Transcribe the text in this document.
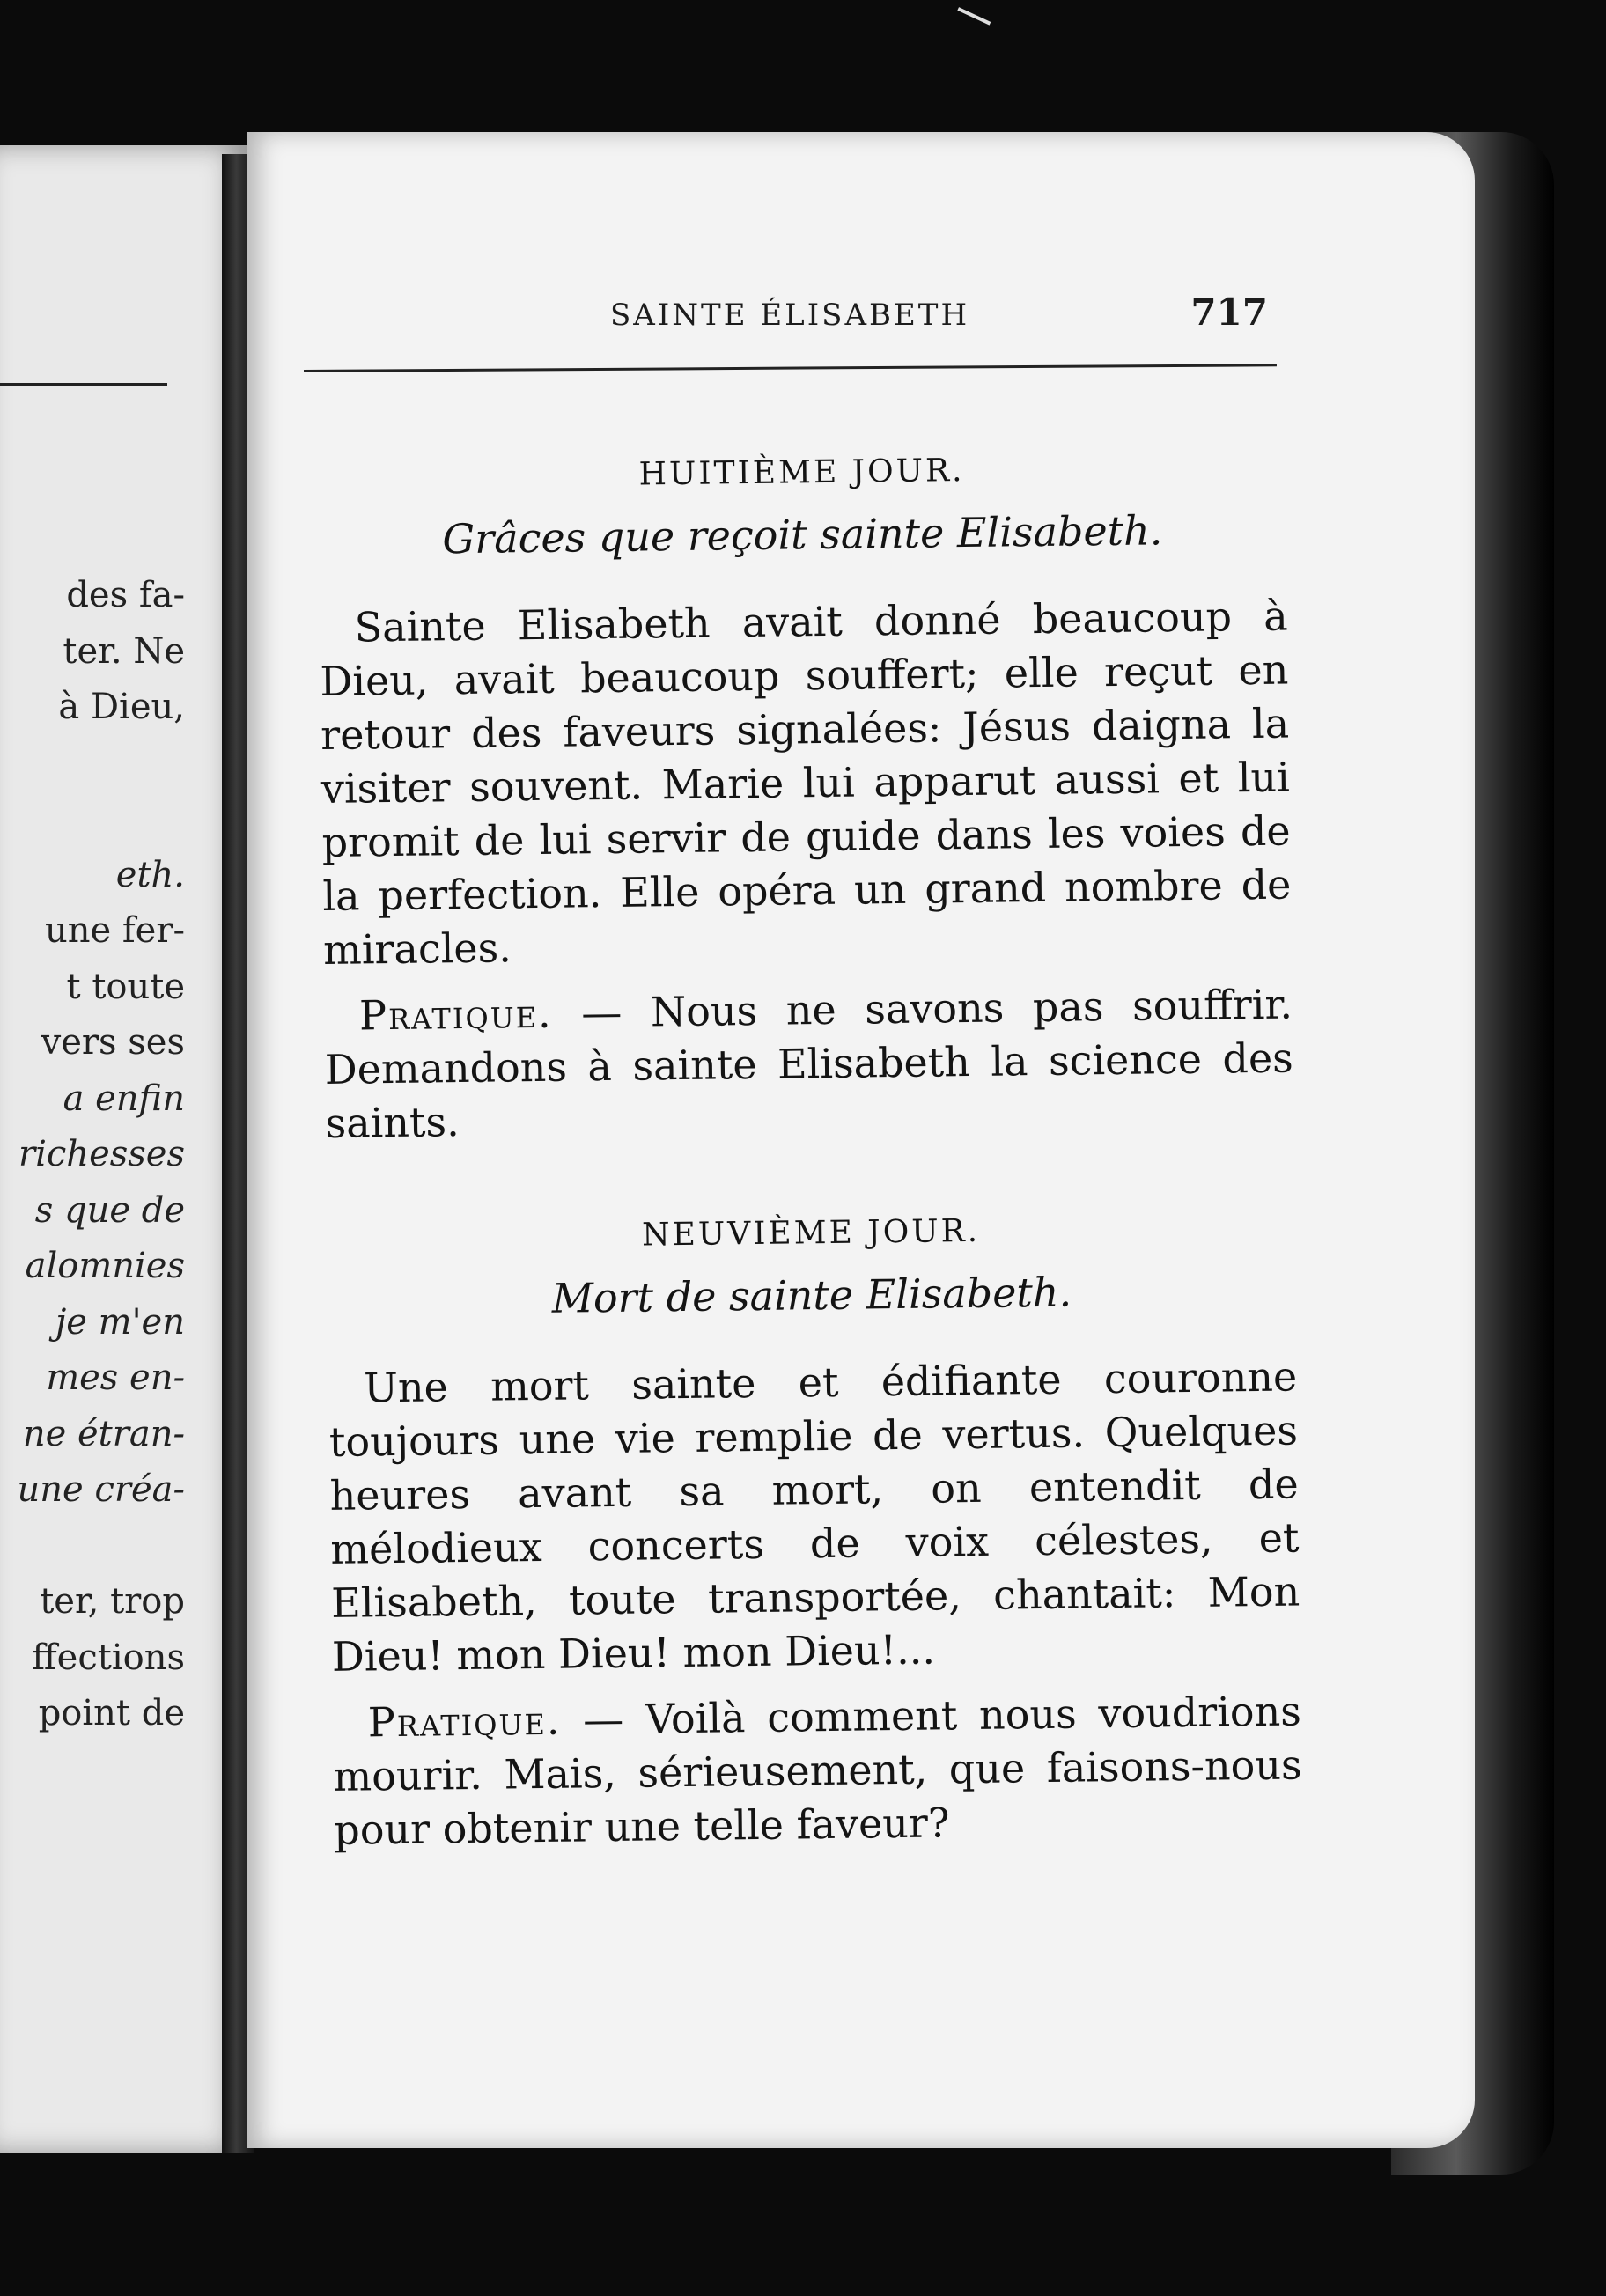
des fa-
ter. Ne
à Dieu,

eth.
une fer-
t toute
vers ses
a enfin
richesses
s que de
alomnies
je m'en
mes en-
ne étran-
une créa-

ter, trop
ffections
point de
SAINTE ÉLISABETH	717
HUITIÈME JOUR.
Grâces que reçoit sainte Elisabeth.

Sainte Elisabeth avait donné beaucoup à Dieu, avait beaucoup souffert; elle reçut en retour des faveurs signalées: Jésus daigna la visiter souvent. Marie lui apparut aussi et lui promit de lui servir de guide dans les voies de la perfection. Elle opéra un grand nombre de miracles.

Pratique. — Nous ne savons pas souffrir. Demandons à sainte Elisabeth la science des saints.

NEUVIÈME JOUR.
Mort de sainte Elisabeth.

Une mort sainte et édifiante couronne toujours une vie remplie de vertus. Quelques heures avant sa mort, on entendit de mélodieux concerts de voix célestes, et Elisabeth, toute transportée, chantait: Mon Dieu! mon Dieu! mon Dieu!...

Pratique. — Voilà comment nous voudrions mourir. Mais, sérieusement, que faisons-nous pour obtenir une telle faveur?
